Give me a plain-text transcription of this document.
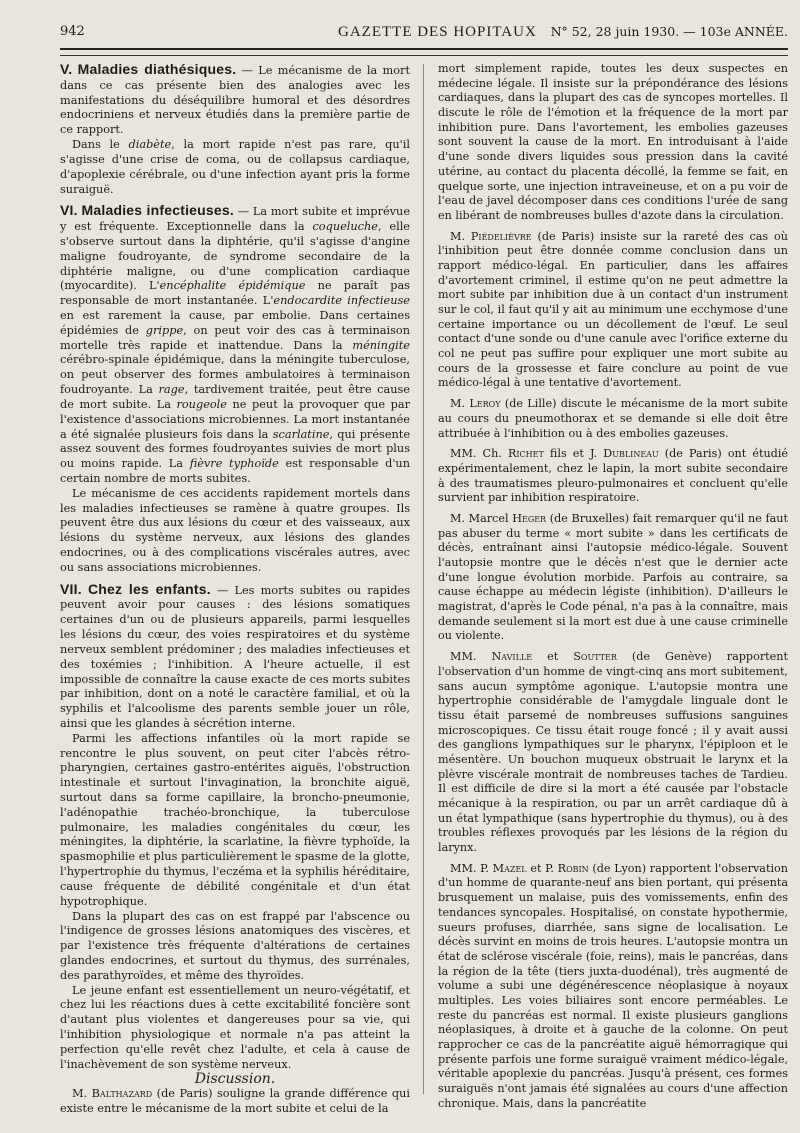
942	GAZETTE DES HOPITAUX N° 52, 28 juin 1930. — 103e ANNÉE.

V. Maladies diathésiques. — Le mécanisme de la mort dans ce cas présente bien des analogies avec les manifestations du déséquilibre humoral et des désordres endocriniens et nerveux étudiés dans la première partie de ce rapport.

Dans le diabète, la mort rapide n'est pas rare, qu'il s'agisse d'une crise de coma, ou de collapsus cardiaque, d'apoplexie cérébrale, ou d'une infection ayant pris la forme suraiguë.

VI. Maladies infectieuses. — La mort subite et imprévue y est fréquente. Exceptionnelle dans la coqueluche, elle s'observe surtout dans la diphtérie, qu'il s'agisse d'angine maligne foudroyante, de syndrome secondaire de la diphtérie maligne, ou d'une complication cardiaque (myocardite). L'encéphalite épidémique ne paraît pas responsable de mort instantanée. L'endocardite infectieuse en est rarement la cause, par embolie. Dans certaines épidémies de grippe, on peut voir des cas à terminaison mortelle très rapide et inattendue. Dans la méningite cérébro-spinale épidémique, dans la méningite tuberculose, on peut observer des formes ambulatoires à terminaison foudroyante. La rage, tardivement traitée, peut être cause de mort subite. La rougeole ne peut la provoquer que par l'existence d'associations microbiennes. La mort instantanée a été signalée plusieurs fois dans la scarlatine, qui présente assez souvent des formes foudroyantes suivies de mort plus ou moins rapide. La fièvre typhoïde est responsable d'un certain nombre de morts subites.

Le mécanisme de ces accidents rapidement mortels dans les maladies infectieuses se ramène à quatre groupes. Ils peuvent être dus aux lésions du cœur et des vaisseaux, aux lésions du système nerveux, aux lésions des glandes endocrines, ou à des complications viscérales autres, avec ou sans associations microbiennes.

VII. Chez les enfants. — Les morts subites ou rapides peuvent avoir pour causes : des lésions somatiques certaines d'un ou de plusieurs appareils, parmi lesquelles les lésions du cœur, des voies respiratoires et du système nerveux semblent prédominer ; des maladies infectieuses et des toxémies ; l'inhibition. A l'heure actuelle, il est impossible de connaître la cause exacte de ces morts subites par inhibition, dont on a noté le caractère familial, et où la syphilis et l'alcoolisme des parents semble jouer un rôle, ainsi que les glandes à sécrétion interne.

Parmi les affections infantiles où la mort rapide se rencontre le plus souvent, on peut citer l'abcès rétro-pharyngien, certaines gastro-entérites aiguës, l'obstruction intestinale et surtout l'invagination, la bronchite aiguë, surtout dans sa forme capillaire, la broncho-pneumonie, l'adénopathie trachéo-bronchique, la tuberculose pulmonaire, les maladies congénitales du cœur, les méningites, la diphtérie, la scarlatine, la fièvre typhoïde, la spasmophilie et plus particulièrement le spasme de la glotte, l'hypertrophie du thymus, l'eczéma et la syphilis héréditaire, cause fréquente de débilité congénitale et d'un état hypotrophique.

Dans la plupart des cas on est frappé par l'abscence ou l'indigence de grosses lésions anatomiques des viscères, et par l'existence très fréquente d'altérations de certaines glandes endocrines, et surtout du thymus, des surrénales, des parathyroïdes, et même des thyroïdes.

Le jeune enfant est essentiellement un neuro-végétatif, et chez lui les réactions dues à cette excitabilité foncière sont d'autant plus violentes et dangereuses pour sa vie, qui l'inhibition physiologique et normale n'a pas atteint la perfection qu'elle revêt chez l'adulte, et cela à cause de l'inachèvement de son système nerveux.

Discussion.

M. Balthazard (de Paris) souligne la grande différence qui existe entre le mécanisme de la mort subite et celui de la

mort simplement rapide, toutes les deux suspectes en médecine légale. Il insiste sur la prépondérance des lésions cardiaques, dans la plupart des cas de syncopes mortelles. Il discute le rôle de l'émotion et la fréquence de la mort par inhibition pure. Dans l'avortement, les embolies gazeuses sont souvent la cause de la mort. En introduisant à l'aide d'une sonde divers liquides sous pression dans la cavité utérine, au contact du placenta décollé, la femme se fait, en quelque sorte, une injection intraveineuse, et on a pu voir de l'eau de javel décomposer dans ces conditions l'urée de sang en libérant de nombreuses bulles d'azote dans la circulation.

M. Piédelièvre (de Paris) insiste sur la rareté des cas où l'inhibition peut être donnée comme conclusion dans un rapport médico-légal. En particulier, dans les affaires d'avortement criminel, il estime qu'on ne peut admettre la mort subite par inhibition due à un contact d'un instrument sur le col, il faut qu'il y ait au minimum une ecchymose d'une certaine importance ou un décollement de l'œuf. Le seul contact d'une sonde ou d'une canule avec l'orifice externe du col ne peut pas suffire pour expliquer une mort subite au cours de la grossesse et faire conclure au point de vue médico-légal à une tentative d'avortement.

M. Leroy (de Lille) discute le mécanisme de la mort subite au cours du pneumothorax et se demande si elle doit être attribuée à l'inhibition ou à des embolies gazeuses.

MM. Ch. Richet fils et J. Dublineau (de Paris) ont étudié expérimentalement, chez le lapin, la mort subite secondaire à des traumatismes pleuro-pulmonaires et concluent qu'elle survient par inhibition respiratoire.

M. Marcel Heger (de Bruxelles) fait remarquer qu'il ne faut pas abuser du terme « mort subite » dans les certificats de décès, entraînant ainsi l'autopsie médico-légale. Souvent l'autopsie montre que le décès n'est que le dernier acte d'une longue évolution morbide. Parfois au contraire, sa cause échappe au médecin légiste (inhibition). D'ailleurs le magistrat, d'après le Code pénal, n'a pas à la connaître, mais demande seulement si la mort est due à une cause criminelle ou violente.

MM. Naville et Soutter (de Genève) rapportent l'observation d'un homme de vingt-cinq ans mort subitement, sans aucun symptôme agonique. L'autopsie montra une hypertrophie considérable de l'amygdale linguale dont le tissu était parsemé de nombreuses suffusions sanguines microscopiques. Ce tissu était rouge foncé ; il y avait aussi des ganglions lympathiques sur le pharynx, l'épiploon et le mésentère. Un bouchon muqueux obstruait le larynx et la plèvre viscérale montrait de nombreuses taches de Tardieu. Il est difficile de dire si la mort a été causée par l'obstacle mécanique à la respiration, ou par un arrêt cardiaque dû à un état lympathique (sans hypertrophie du thymus), ou à des troubles réflexes provoqués par les lésions de la région du larynx.

MM. P. Mazel et P. Robin (de Lyon) rapportent l'observation d'un homme de quarante-neuf ans bien portant, qui présenta brusquement un malaise, puis des vomissements, enfin des tendances syncopales. Hospitalisé, on constate hypothermie, sueurs profuses, diarrhée, sans signe de localisation. Le décès survint en moins de trois heures. L'autopsie montra un état de sclérose viscérale (foie, reins), mais le pancréas, dans la région de la tête (tiers juxta-duodénal), très augmenté de volume a subi une dégénérescence néoplasique à noyaux multiples. Les voies biliaires sont encore perméables. Le reste du pancréas est normal. Il existe plusieurs ganglions néoplasiques, à droite et à gauche de la colonne. On peut rapprocher ce cas de la pancréatite aiguë hémorragique qui présente parfois une forme suraiguë vraiment médico-légale, véritable apoplexie du pancréas. Jusqu'à présent, ces formes suraiguës n'ont jamais été signalées au cours d'une affection chronique. Mais, dans la pancréatite
